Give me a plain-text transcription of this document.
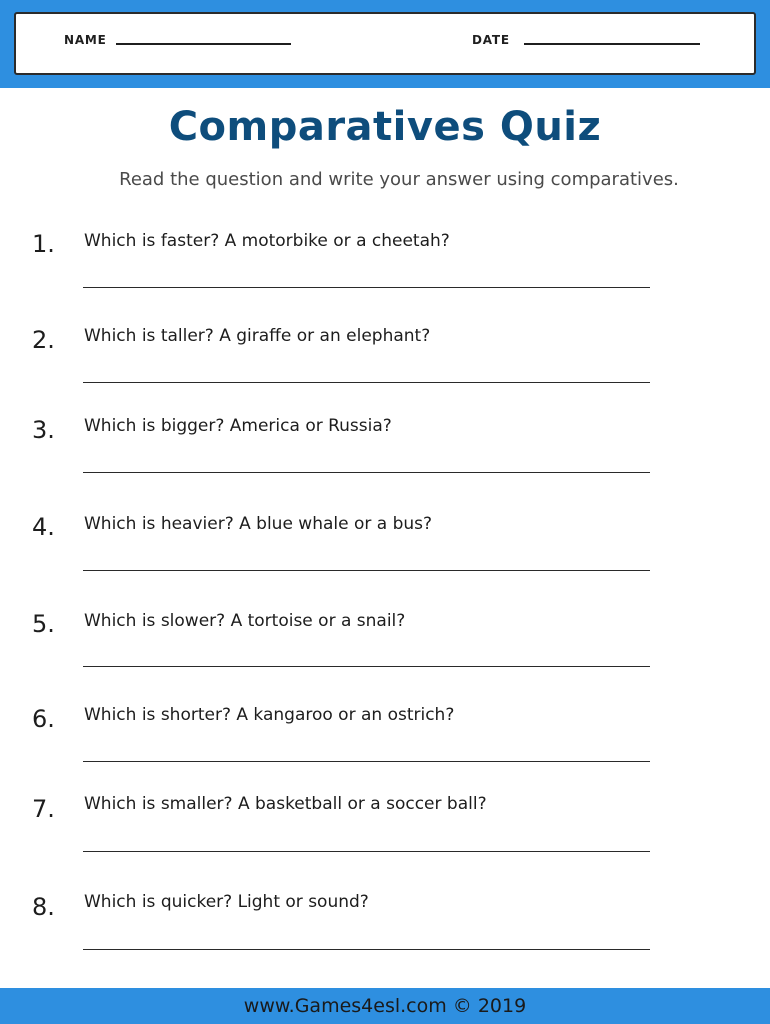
NAME	DATE
Comparatives Quiz
Read the question and write your answer using comparatives.
1. Which is faster? A motorbike or a cheetah?
2. Which is taller? A giraffe or an elephant?
3. Which is bigger? America or Russia?
4. Which is heavier? A blue whale or a bus?
5. Which is slower? A tortoise or a snail?
6. Which is shorter? A kangaroo or an ostrich?
7. Which is smaller? A basketball or a soccer ball?
8. Which is quicker? Light or sound?
www.Games4esl.com © 2019
